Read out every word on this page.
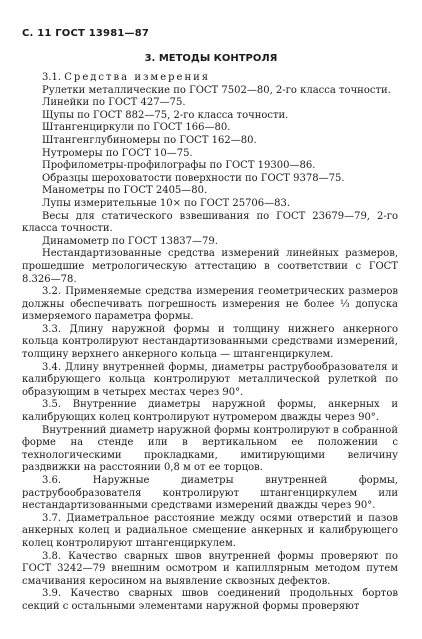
С. 11 ГОСТ 13981—87
3. МЕТОДЫ КОНТРОЛЯ

3.1. Средства измерения

Рулетки металлические по ГОСТ 7502—80, 2-го класса точности.

Линейки по ГОСТ 427—75.

Щупы по ГОСТ 882—75, 2-го класса точности.

Штангенциркули по ГОСТ 166—80.

Штангенглубиномеры по ГОСТ 162—80.

Нутромеры по ГОСТ 10—75.

Профилометры-профилографы по ГОСТ 19300—86.

Образцы шероховатости поверхности по ГОСТ 9378—75.

Манометры по ГОСТ 2405—80.

Лупы измерительные 10× по ГОСТ 25706—83.

Весы для статического взвешивания по ГОСТ 23679—79, 2-го класса точности.

Динамометр по ГОСТ 13837—79.

Нестандартизованные средства измерений линейных размеров, прошедшие метрологическую аттестацию в соответствии с ГОСТ 8.326—78.

3.2. Применяемые средства измерения геометрических размеров должны обеспечивать погрешность измерения не более ⅓ допуска измеряемого параметра формы.

3.3. Длину наружной формы и толщину нижнего анкерного кольца контролируют нестандартизованными средствами измерений, толщину верхнего анкерного кольца — штангенциркулем.

3.4. Длину внутренней формы, диаметры раструбообразователя и калибрующего кольца контролируют металлической рулеткой по образующим в четырех местах через 90°.

3.5. Внутренние диаметры наружной формы, анкерных и калибрующих колец контролируют нутромером дважды через 90°.

Внутренний диаметр наружной формы контролируют в собранной форме на стенде или в вертикальном ее положении с технологическими прокладками, имитирующими величину раздвижки на расстоянии 0,8 м от ее торцов.

3.6. Наружные диаметры внутренней формы, раструбообразователя контролируют штангенциркулем или нестандартизованными средствами измерений дважды через 90°.

3.7. Диаметральное расстояние между осями отверстий и пазов анкерных колец и радиальное смещение анкерных и калибрующего колец контролируют штангенциркулем.

3.8. Качество сварных швов внутренней формы проверяют по ГОСТ 3242—79 внешним осмотром и капиллярным методом путем смачивания керосином на выявление сквозных дефектов.

3.9. Качество сварных швов соединений продольных бортов секций с остальными элементами наружной формы проверяют
